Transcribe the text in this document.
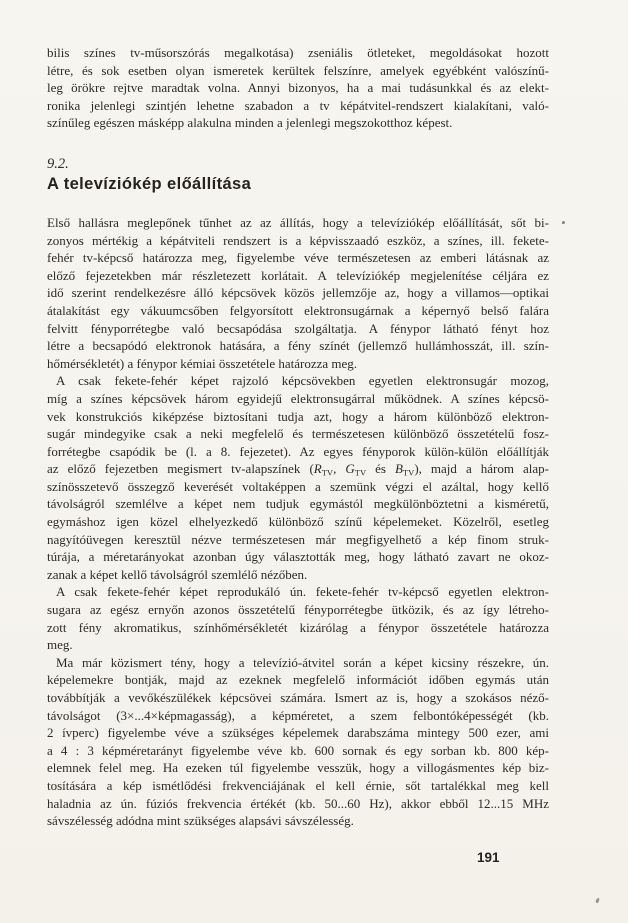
bilis színes tv-műsorszórás megalkotása) zseniális ötleteket, megoldásokat hozott
létre, és sok esetben olyan ismeretek kerültek felszínre, amelyek egyébként valószínű-
leg örökre rejtve maradtak volna. Annyi bizonyos, ha a mai tudásunkkal és az elekt-
ronika jelenlegi szintjén lehetne szabadon a tv képátvitel-rendszert kialakítani, való-
színűleg egészen másképp alakulna minden a jelenlegi megszokotthoz képest.
9.2.
A televíziókép előállítása
Első hallásra meglepőnek tűnhet az az állítás, hogy a televíziókép előállítását, sőt bi-
zonyos mértékig a képátviteli rendszert is a képvisszaadó eszköz, a színes, ill. fekete-
fehér tv-képcső határozza meg, figyelembe véve természetesen az emberi látásnak az
előző fejezetekben már részletezett korlátait. A televíziókép megjelenítése céljára ez
idő szerint rendelkezésre álló képcsövek közös jellemzője az, hogy a villamos—optikai
átalakítást egy vákuumcsőben felgyorsított elektronsugárnak a képernyő belső falára
felvitt fényporrétegbe való becsapódása szolgáltatja. A fénypor látható fényt hoz
létre a becsapódó elektronok hatására, a fény színét (jellemző hullámhosszát, ill. szín-
hőmérsékletét) a fénypor kémiai összetétele határozza meg.
A csak fekete-fehér képet rajzoló képcsövekben egyetlen elektronsugár mozog,
míg a színes képcsövek három egyidejű elektronsugárral működnek. A színes képcsö-
vek konstrukciós kiképzése biztosítani tudja azt, hogy a három különböző elektron-
sugár mindegyike csak a neki megfelelő és természetesen különböző összetételű fosz-
forrétegbe csapódik be (l. a 8. fejezetet). Az egyes fényporok külön-külön előállítják
az előző fejezetben megismert tv-alapszínek ($R_{TV}$, $G_{TV}$ és $B_{TV}$), majd a három alap-
színösszetevő összegző keverését voltaképpen a szemünk végzi el azáltal, hogy kellő
távolságról szemlélve a képet nem tudjuk egymástól megkülönböztetni a kisméretű,
egymáshoz igen közel elhelyezkedő különböző színű képelemeket. Közelről, esetleg
nagyítóüvegen keresztül nézve természetesen már megfigyelhető a kép finom struk-
túrája, a méretarányokat azonban úgy választották meg, hogy látható zavart ne okoz-
zanak a képet kellő távolságról szemlélő nézőben.
A csak fekete-fehér képet reprodukáló ún. fekete-fehér tv-képcső egyetlen elektron-
sugara az egész ernyőn azonos összetételű fényporrétegbe ütközik, és az így létreho-
zott fény akromatikus, színhőmérsékletét kizárólag a fénypor összetétele határozza
meg.
Ma már közismert tény, hogy a televízió-átvitel során a képet kicsiny részekre, ún.
képelemekre bontják, majd az ezeknek megfelelő információt időben egymás után
továbbítják a vevőkészülékek képcsövei számára. Ismert az is, hogy a szokásos néző-
távolságot (3×...4×képmagasság), a képméretet, a szem felbontóképességét (kb.
2 ívperc) figyelembe véve a szükséges képelemek darabszáma mintegy 500 ezer, ami
a 4 : 3 képméretarányt figyelembe véve kb. 600 sornak és egy sorban kb. 800 kép-
elemnek felel meg. Ha ezeken túl figyelembe vesszük, hogy a villogásmentes kép biz-
tosítására a kép ismétlődési frekvenciájának el kell érnie, sőt tartalékkal meg kell
haladnia az ún. fúziós frekvencia értékét (kb. 50...60 Hz), akkor ebből 12...15 MHz
sávszélesség adódna mint szükséges alapsávi sávszélesség.
191
